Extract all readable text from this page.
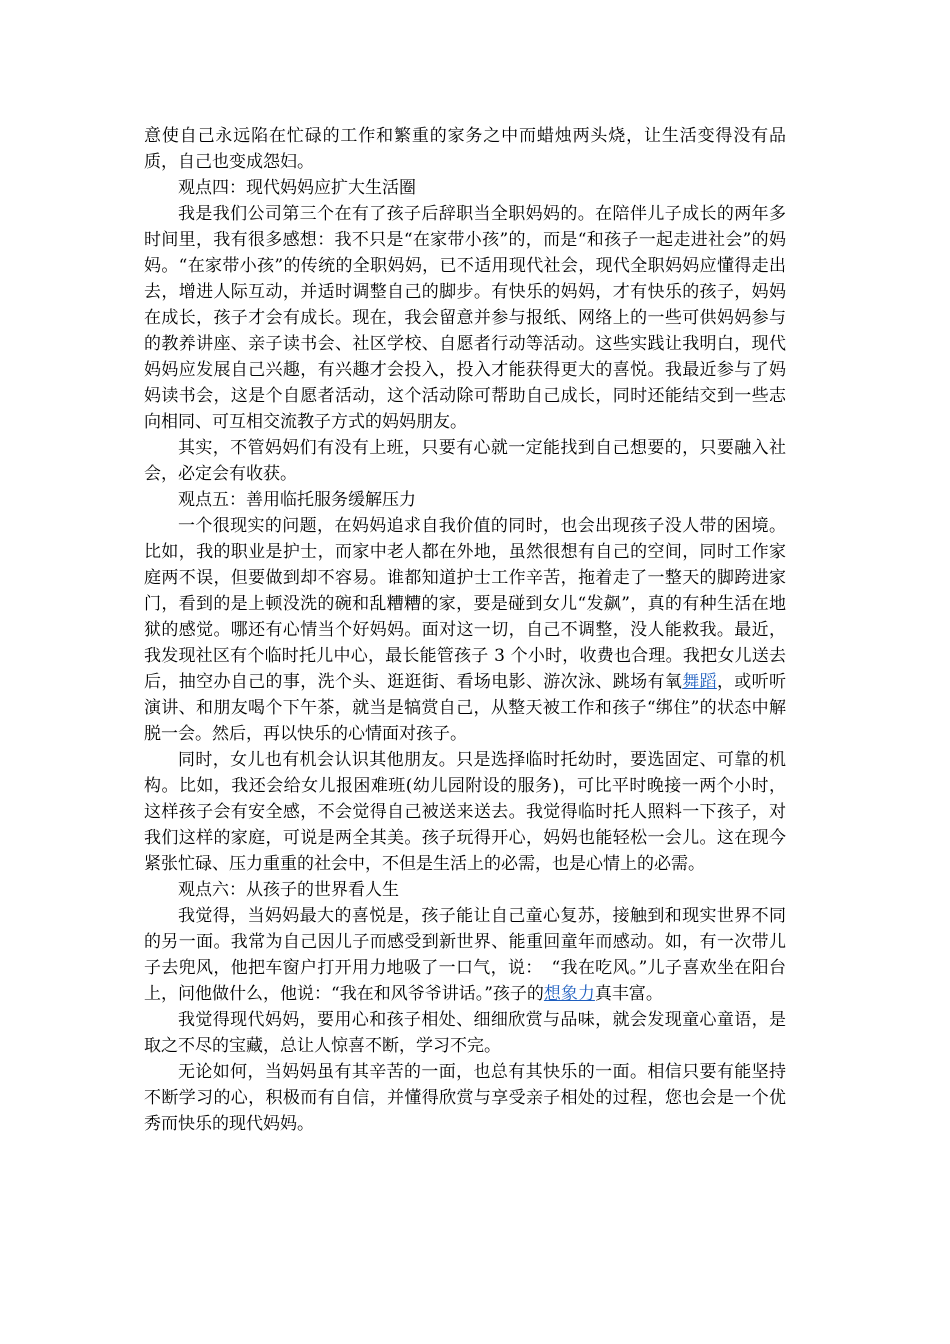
意使自己永远陷在忙碌的工作和繁重的家务之中而蜡烛两头烧，让生活变得没有品质，自己也变成怨妇。

观点四：现代妈妈应扩大生活圈

我是我们公司第三个在有了孩子后辞职当全职妈妈的。在陪伴儿子成长的两年多时间里，我有很多感想：我不只是“在家带小孩”的，而是“和孩子一起走进社会”的妈妈。“在家带小孩”的传统的全职妈妈，已不适用现代社会，现代全职妈妈应懂得走出去，增进人际互动，并适时调整自己的脚步。有快乐的妈妈，才有快乐的孩子，妈妈在成长，孩子才会有成长。现在，我会留意并参与报纸、网络上的一些可供妈妈参与的教养讲座、亲子读书会、社区学校、自愿者行动等活动。这些实践让我明白，现代妈妈应发展自己兴趣，有兴趣才会投入，投入才能获得更大的喜悦。我最近参与了妈妈读书会，这是个自愿者活动，这个活动除可帮助自己成长，同时还能结交到一些志向相同、可互相交流教子方式的妈妈朋友。

其实，不管妈妈们有没有上班，只要有心就一定能找到自己想要的，只要融入社会，必定会有收获。

观点五：善用临托服务缓解压力

一个很现实的问题，在妈妈追求自我价值的同时，也会出现孩子没人带的困境。比如，我的职业是护士，而家中老人都在外地，虽然很想有自己的空间，同时工作家庭两不误，但要做到却不容易。谁都知道护士工作辛苦，拖着走了一整天的脚跨进家门，看到的是上顿没洗的碗和乱糟糟的家，要是碰到女儿“发飙”，真的有种生活在地狱的感觉。哪还有心情当个好妈妈。面对这一切，自己不调整，没人能救我。最近，我发现社区有个临时托儿中心，最长能管孩子 3 个小时，收费也合理。我把女儿送去后，抽空办自己的事，洗个头、逛逛街、看场电影、游次泳、跳场有氧舞蹈，或听听演讲、和朋友喝个下午茶，就当是犒赏自己，从整天被工作和孩子“绑住”的状态中解脱一会。然后，再以快乐的心情面对孩子。

同时，女儿也有机会认识其他朋友。只是选择临时托幼时，要选固定、可靠的机构。比如，我还会给女儿报困难班(幼儿园附设的服务)，可比平时晚接一两个小时，这样孩子会有安全感，不会觉得自己被送来送去。我觉得临时托人照料一下孩子，对我们这样的家庭，可说是两全其美。孩子玩得开心，妈妈也能轻松一会儿。这在现今紧张忙碌、压力重重的社会中，不但是生活上的必需，也是心情上的必需。

观点六：从孩子的世界看人生

我觉得，当妈妈最大的喜悦是，孩子能让自己童心复苏，接触到和现实世界不同的另一面。我常为自己因儿子而感受到新世界、能重回童年而感动。如，有一次带儿子去兜风，他把车窗户打开用力地吸了一口气，说：　“我在吃风。”儿子喜欢坐在阳台上，问他做什么，他说：“我在和风爷爷讲话。”孩子的想象力真丰富。

我觉得现代妈妈，要用心和孩子相处、细细欣赏与品味，就会发现童心童语，是取之不尽的宝藏，总让人惊喜不断，学习不完。

无论如何，当妈妈虽有其辛苦的一面，也总有其快乐的一面。相信只要有能坚持不断学习的心，积极而有自信，并懂得欣赏与享受亲子相处的过程，您也会是一个优秀而快乐的现代妈妈。
